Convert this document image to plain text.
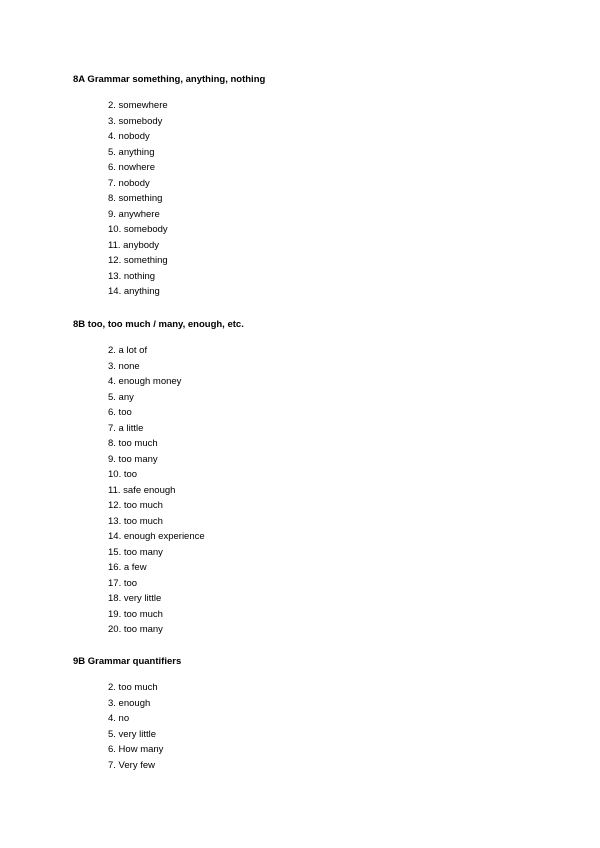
8A Grammar something, anything, nothing
2. somewhere
3. somebody
4. nobody
5. anything
6. nowhere
7. nobody
8. something
9. anywhere
10. somebody
11. anybody
12. something
13. nothing
14. anything
8B too, too much / many, enough, etc.
2. a lot of
3. none
4. enough money
5. any
6. too
7. a little
8. too much
9. too many
10. too
11. safe enough
12. too much
13. too much
14. enough experience
15. too many
16. a few
17. too
18. very little
19. too much
20. too many
9B Grammar quantifiers
2. too much
3. enough
4. no
5. very little
6. How many
7. Very few
